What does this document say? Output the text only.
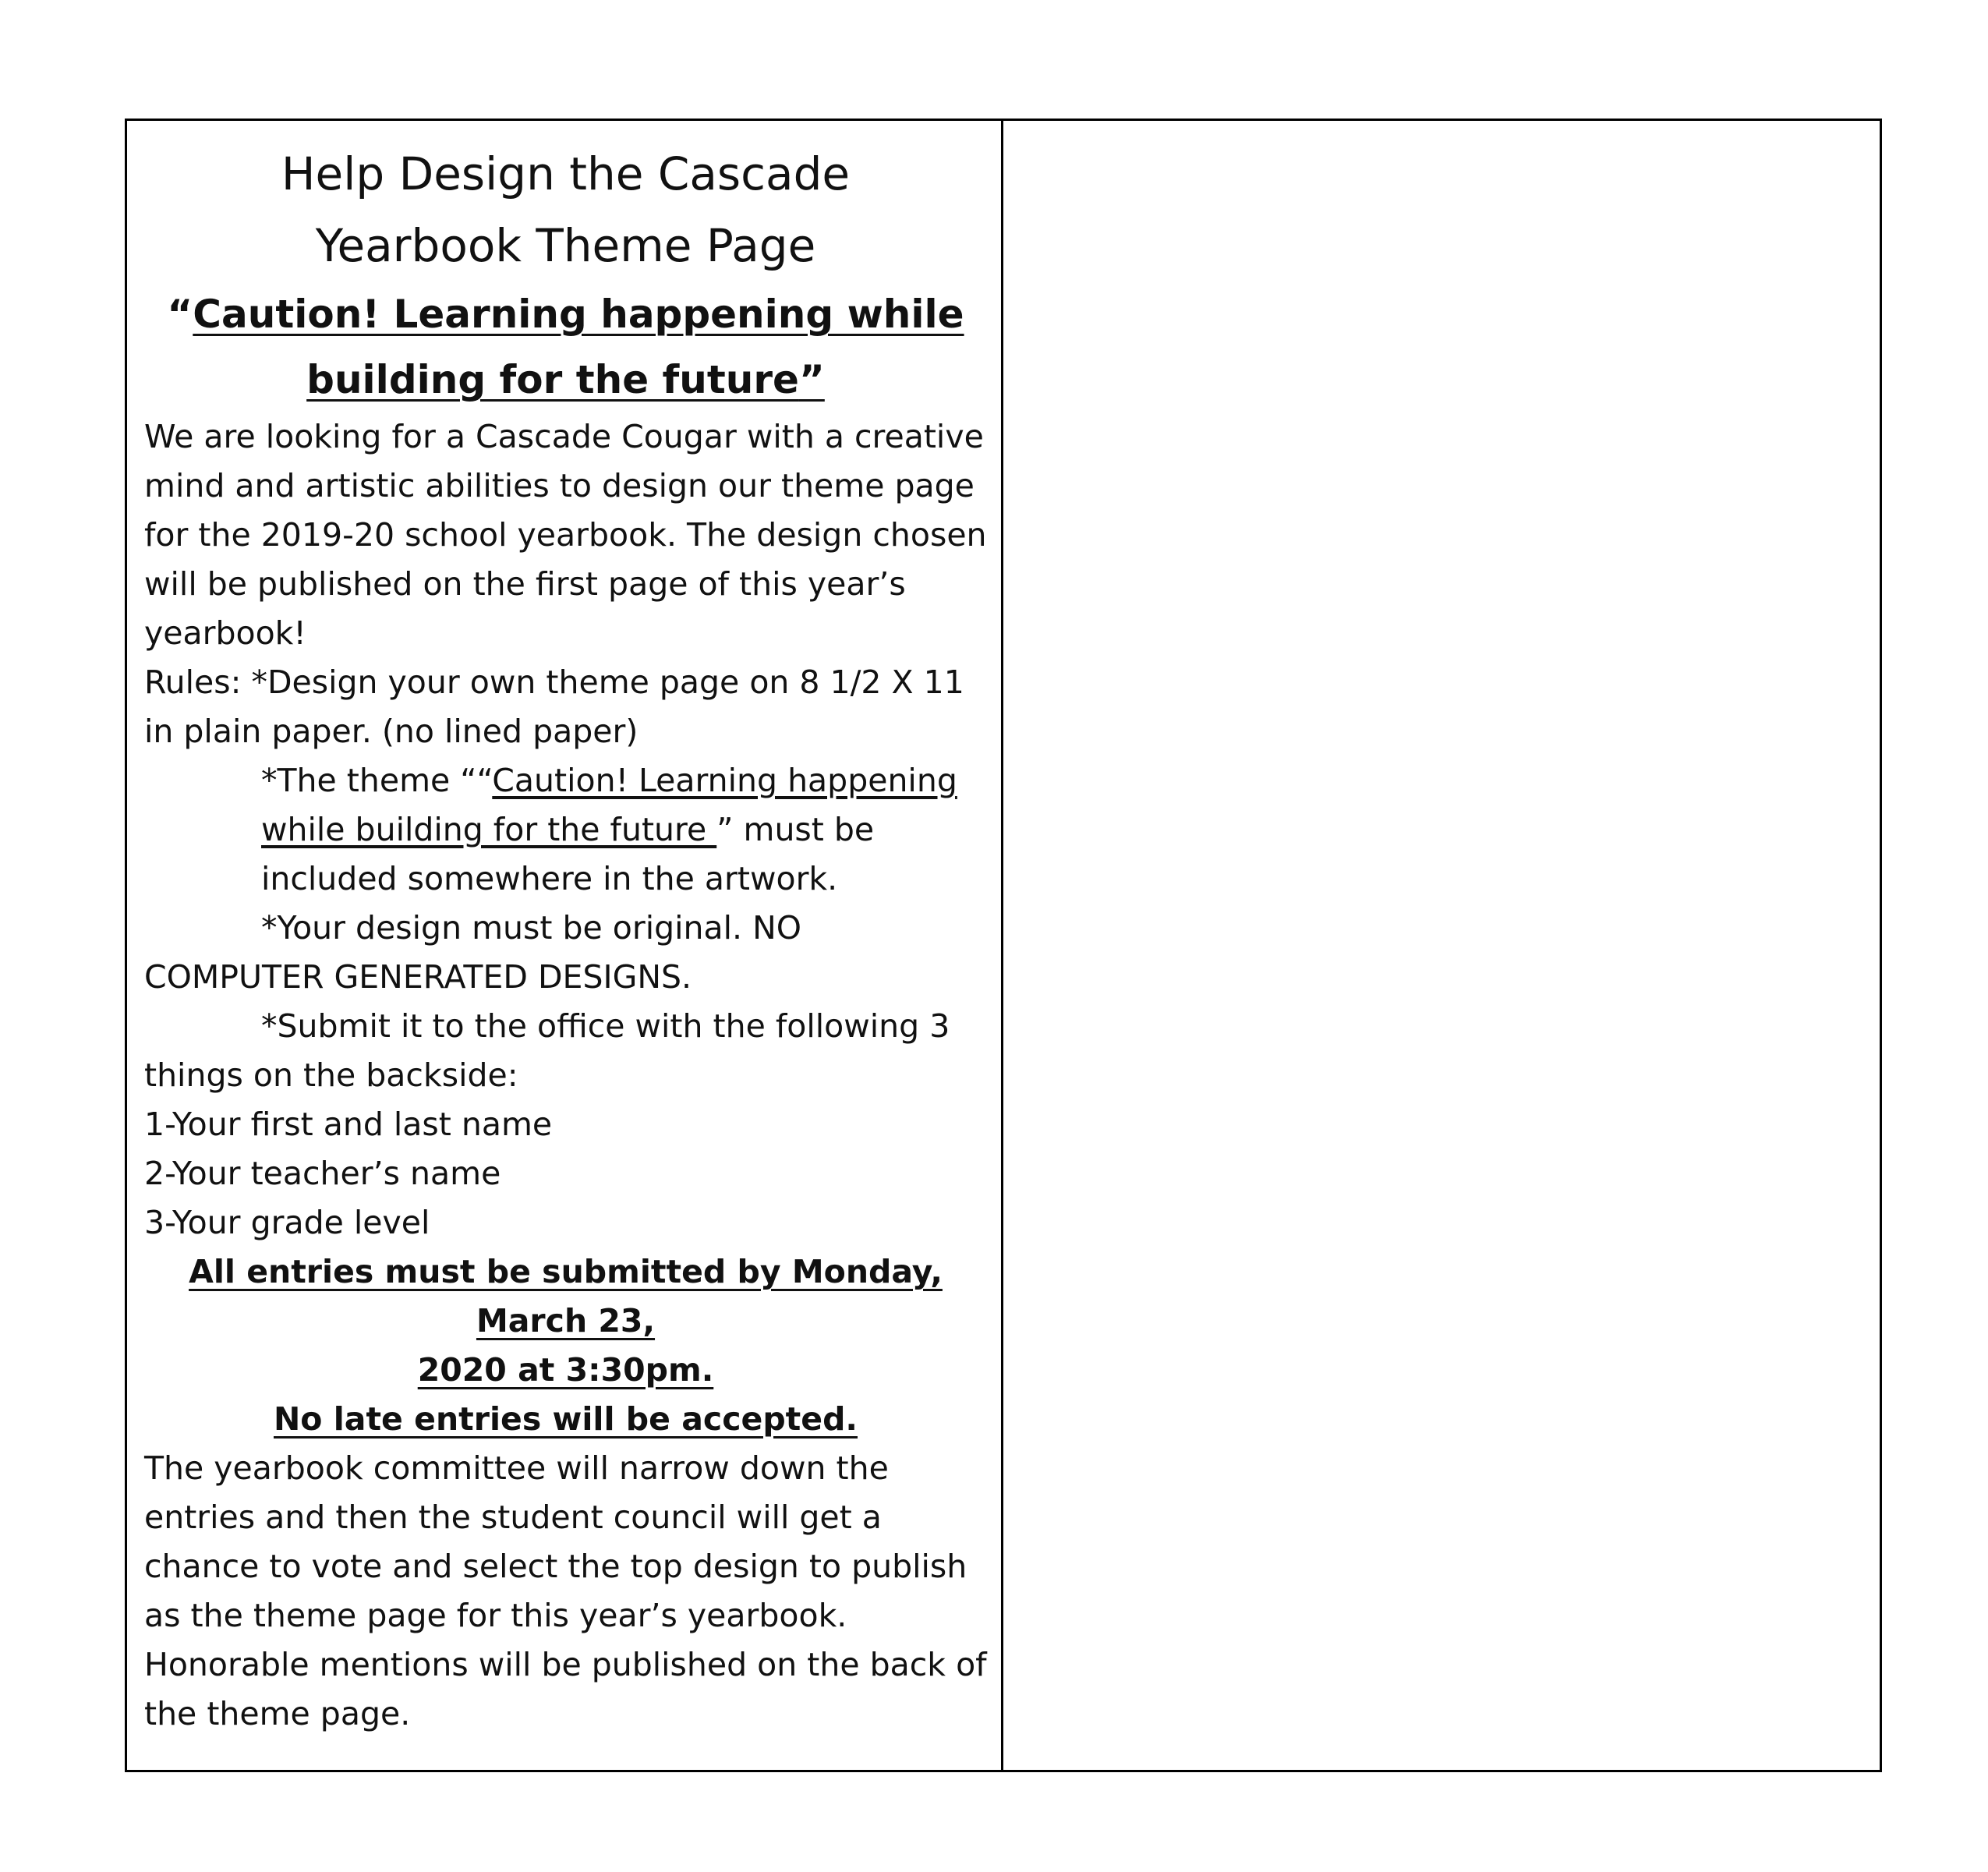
Help Design the Cascade

Yearbook Theme Page

“Caution! Learning happening while

building for the future”

We are looking for a Cascade Cougar with a creative mind and artistic abilities to design our theme page for the 2019-20 school yearbook. The design chosen will be published on the first page of this year’s yearbook!

Rules: *Design your own theme page on 8 1/2 X 11 in plain paper. (no lined paper)

*The theme ““Caution! Learning happening while building for the future ” must be included somewhere in the artwork.

*Your design must be original. NO COMPUTER GENERATED DESIGNS.

*Submit it to the office with the following 3 things on the backside:

1-Your first and last name

2-Your teacher’s name

3-Your grade level

All entries must be submitted by Monday, March 23,

2020 at 3:30pm.

No late entries will be accepted.

The yearbook committee will narrow down the entries and then the student council will get a chance to vote and select the top design to publish as the theme page for this year’s yearbook. Honorable mentions will be published on the back of the theme page.
